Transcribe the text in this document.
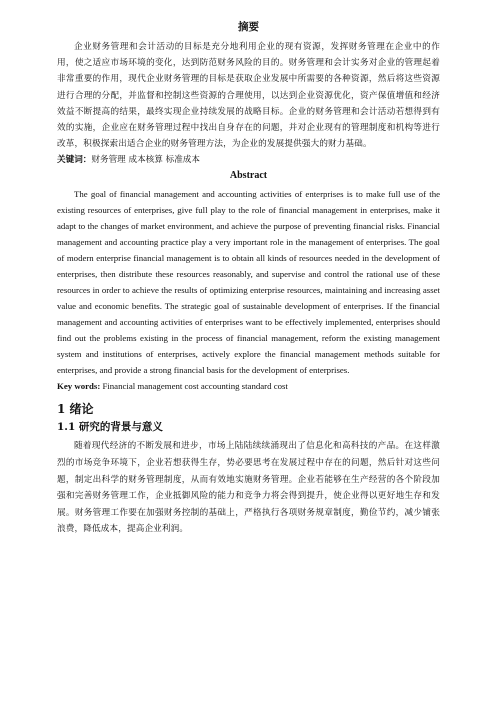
摘要

企业财务管理和会计活动的目标是充分地利用企业的现有资源，发挥财务管理在企业中的作用，使之适应市场环境的变化，达到防范财务风险的目的。财务管理和会计实务对企业的管理起着非常重要的作用，现代企业财务管理的目标是获取企业发展中所需要的各种资源，然后将这些资源进行合理的分配，并监督和控制这些资源的合理使用，以达到企业资源优化，资产保值增值和经济效益不断提高的结果，最终实现企业持续发展的战略目标。企业的财务管理和会计活动若想得到有效的实施，企业应在财务管理过程中找出自身存在的问题，并对企业现有的管理制度和机构等进行改革，积极探索出适合企业的财务管理方法，为企业的发展提供强大的财力基础。

关键词：财务管理 成本核算 标准成本
Abstract

The goal of financial management and accounting activities of enterprises is to make full use of the existing resources of enterprises, give full play to the role of financial management in enterprises, make it adapt to the changes of market environment, and achieve the purpose of preventing financial risks. Financial management and accounting practice play a very important role in the management of enterprises. The goal of modern enterprise financial management is to obtain all kinds of resources needed in the development of enterprises, then distribute these resources reasonably, and supervise and control the rational use of these resources in order to achieve the results of optimizing enterprise resources, maintaining and increasing asset value and economic benefits. The strategic goal of sustainable development of enterprises. If the financial management and accounting activities of enterprises want to be effectively implemented, enterprises should find out the problems existing in the process of financial management, reform the existing management system and institutions of enterprises, actively explore the financial management methods suitable for enterprises, and provide a strong financial basis for the development of enterprises.

Key words: Financial management cost accounting standard cost
1 绪论
1.1 研究的背景与意义

随着现代经济的不断发展和进步，市场上陆陆续续涌现出了信息化和高科技的产品。在这样激烈的市场竞争环境下，企业若想获得生存，势必要思考在发展过程中存在的问题，然后针对这些问题，制定出科学的财务管理制度，从而有效地实施财务管理。企业若能够在生产经营的各个阶段加强和完善财务管理工作，企业抵御风险的能力和竞争力将会得到提升，使企业得以更好地生存和发展。财务管理工作要在加强财务控制的基础上，严格执行各项财务规章制度，勤俭节约，减少铺张浪费，降低成本，提高企业利润。
